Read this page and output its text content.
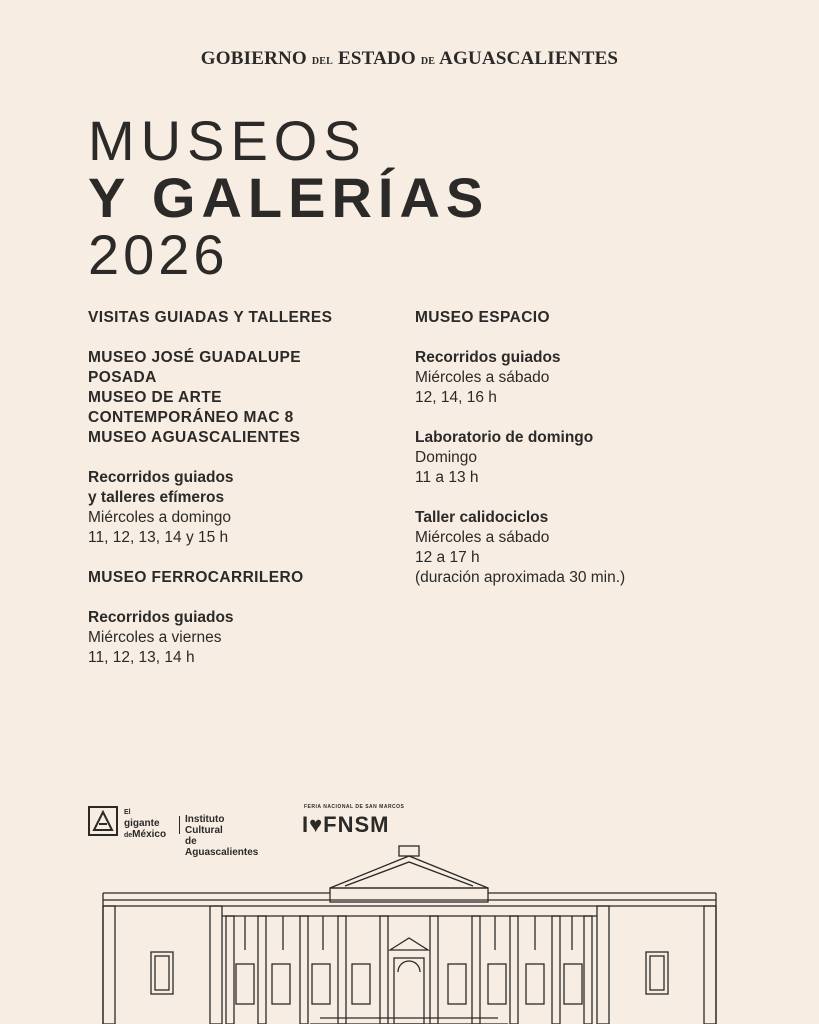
GOBIERNO DEL ESTADO DE AGUASCALIENTES
MUSEOS
Y GALERÍAS
2026
VISITAS GUIADAS Y TALLERES
MUSEO JOSÉ GUADALUPE
POSADA
MUSEO DE ARTE
CONTEMPORÁNEO MAC 8
MUSEO AGUASCALIENTES
Recorridos guiados
y talleres efímeros
Miércoles a domingo
11, 12, 13, 14 y 15 h
MUSEO FERROCARRILERO
Recorridos guiados
Miércoles a viernes
11, 12, 13, 14 h
MUSEO ESPACIO
Recorridos guiados
Miércoles a sábado
12, 14, 16 h
Laboratorio de domingo
Domingo
11 a 13 h
Taller calidociclos
Miércoles a sábado
12 a 17 h
(duración aproximada 30 min.)
El
gigante
deMéxico
Instituto Cultural
de Aguascalientes
FERIA NACIONAL DE SAN MARCOS
I♥FNSM
